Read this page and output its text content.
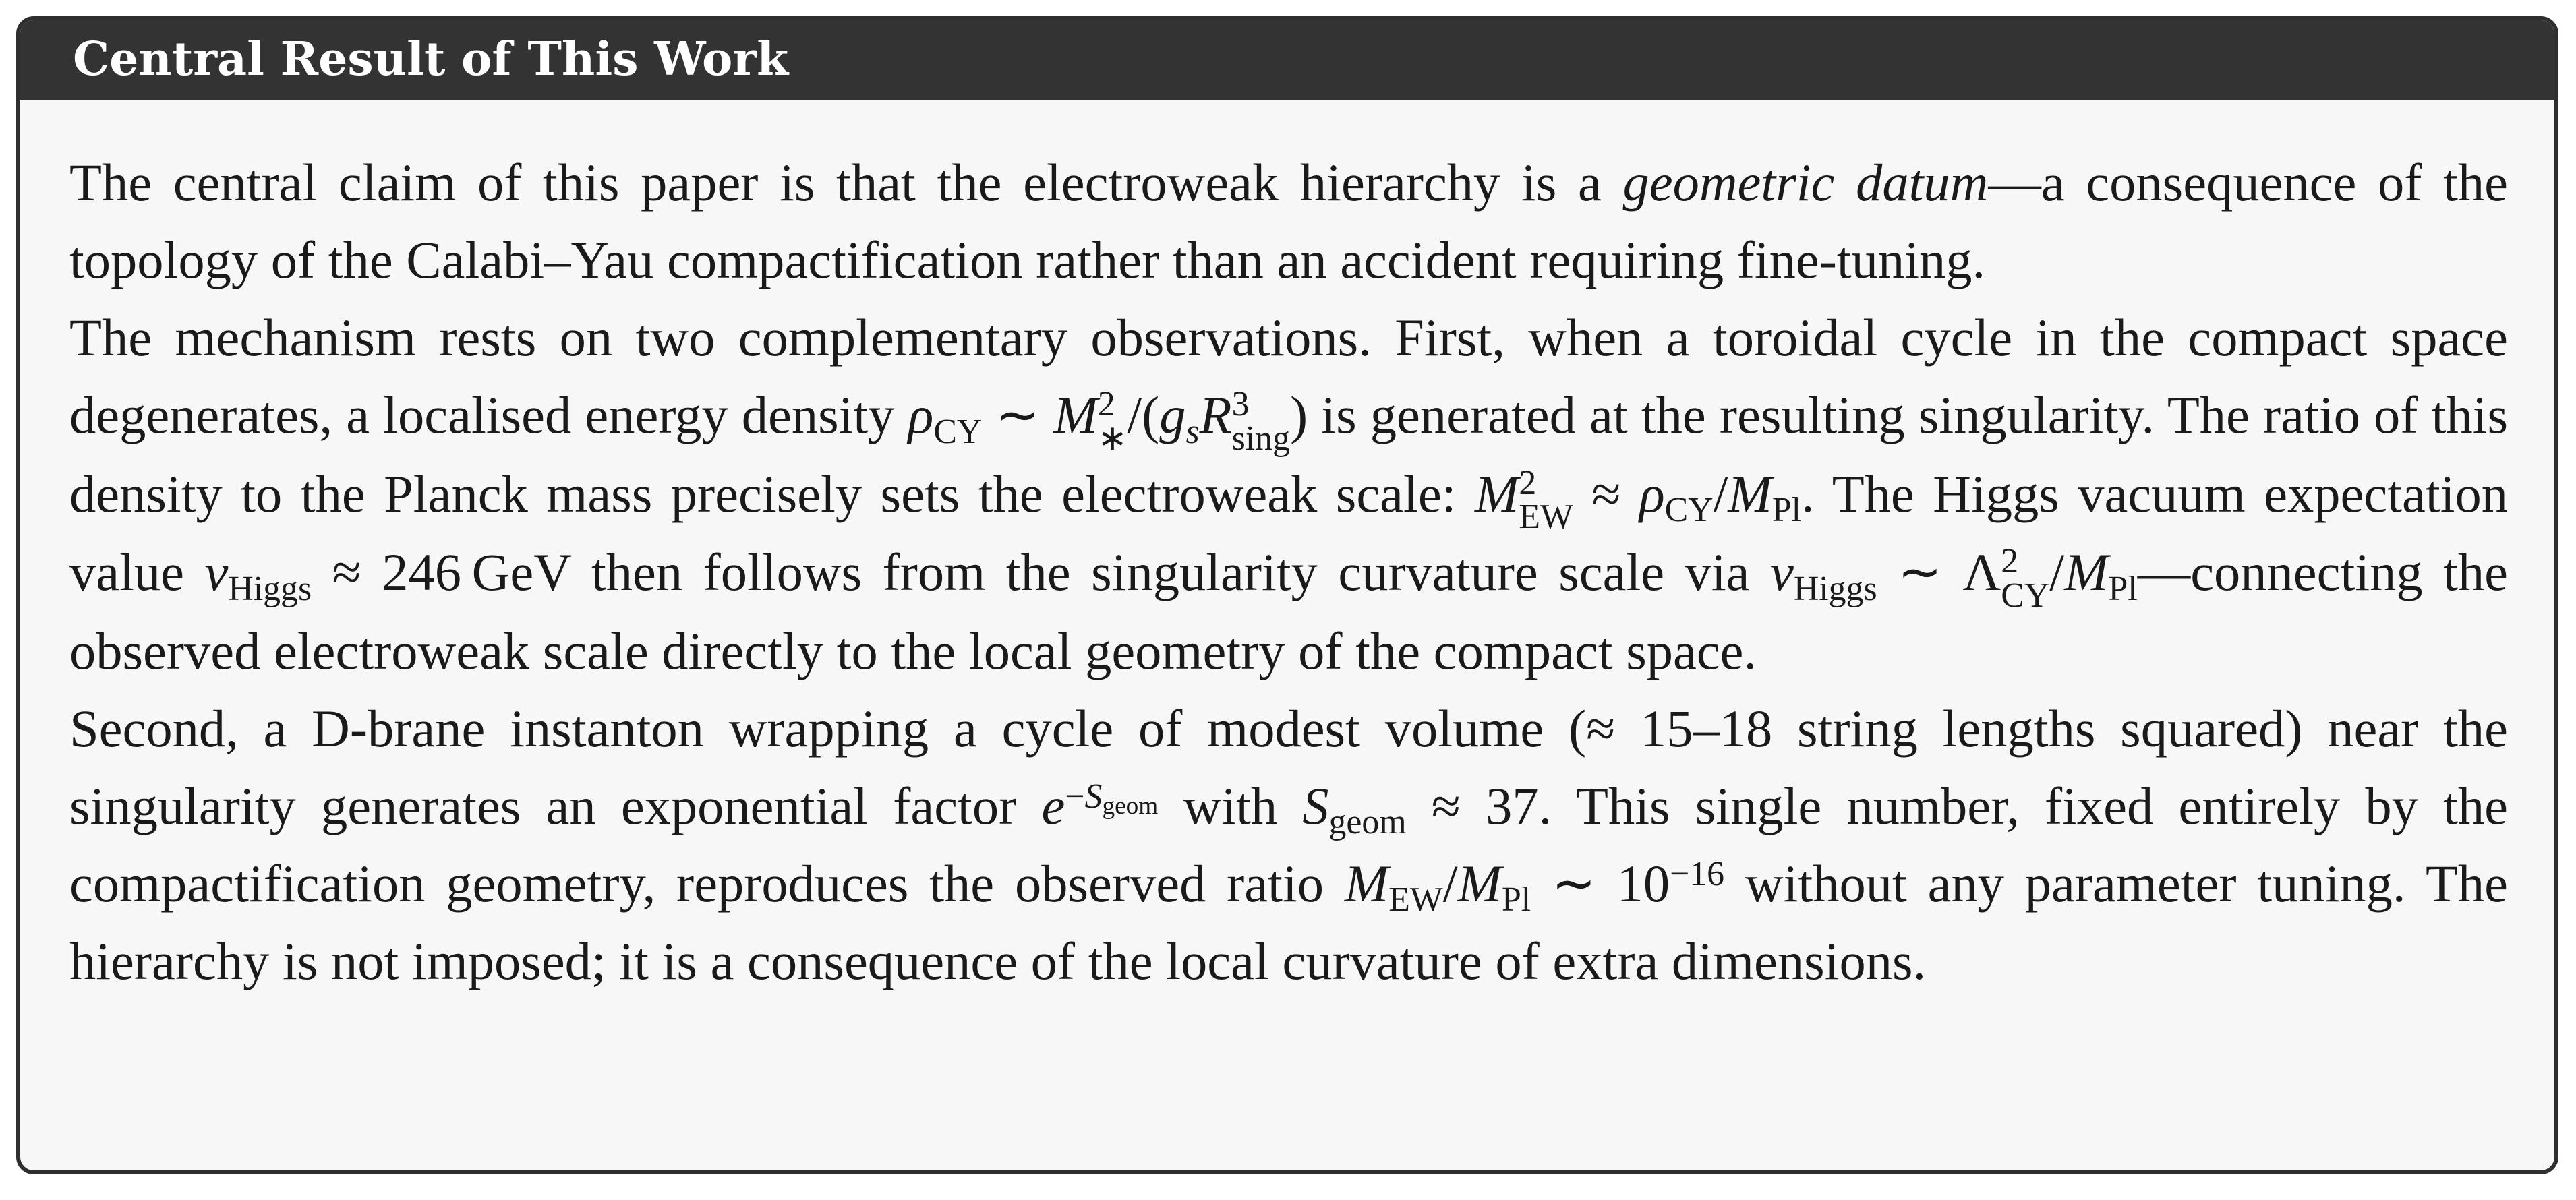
Central Result of This Work

The central claim of this paper is that the electroweak hierarchy is a geometric datum—a consequence of the topology of the Calabi–Yau compactification rather than an accident requiring fine-tuning.

The mechanism rests on two complementary observations. First, when a toroidal cycle in the compact space degenerates, a localised energy density $\rho_{CY}$ ∼ M 2
∗ $/(g_sR$ 3
sing ) is generated at the resulting singularity. The ratio of this density to the Planck mass precisely sets the electroweak scale: M 2
EW ≈ $\rho_{CY}/M_{Pl}$. The Higgs vacuum expectation value $v_{Higgs} \approx 246$  GeV then follows from the singularity curvature scale via $v_{Higgs}$ ∼ Λ 2
CY $/M_{Pl}—connecting$ the observed electroweak scale directly to the local geometry of the compact space.

Second, a D-brane instanton wrapping a cycle of modest volume (≈ 15–18 string lengths squared) near the singularity generates an exponential factor $e^{-S_{geom}}$ with $S_{geom} \approx 37$. This single number, fixed entirely by the compactification geometry, reproduces the observed ratio $M_{EW}/M_{Pl}$ ∼ $10^{-16}$ without any parameter tuning. The hierarchy is not imposed; it is a consequence of the local curvature of extra dimensions.
